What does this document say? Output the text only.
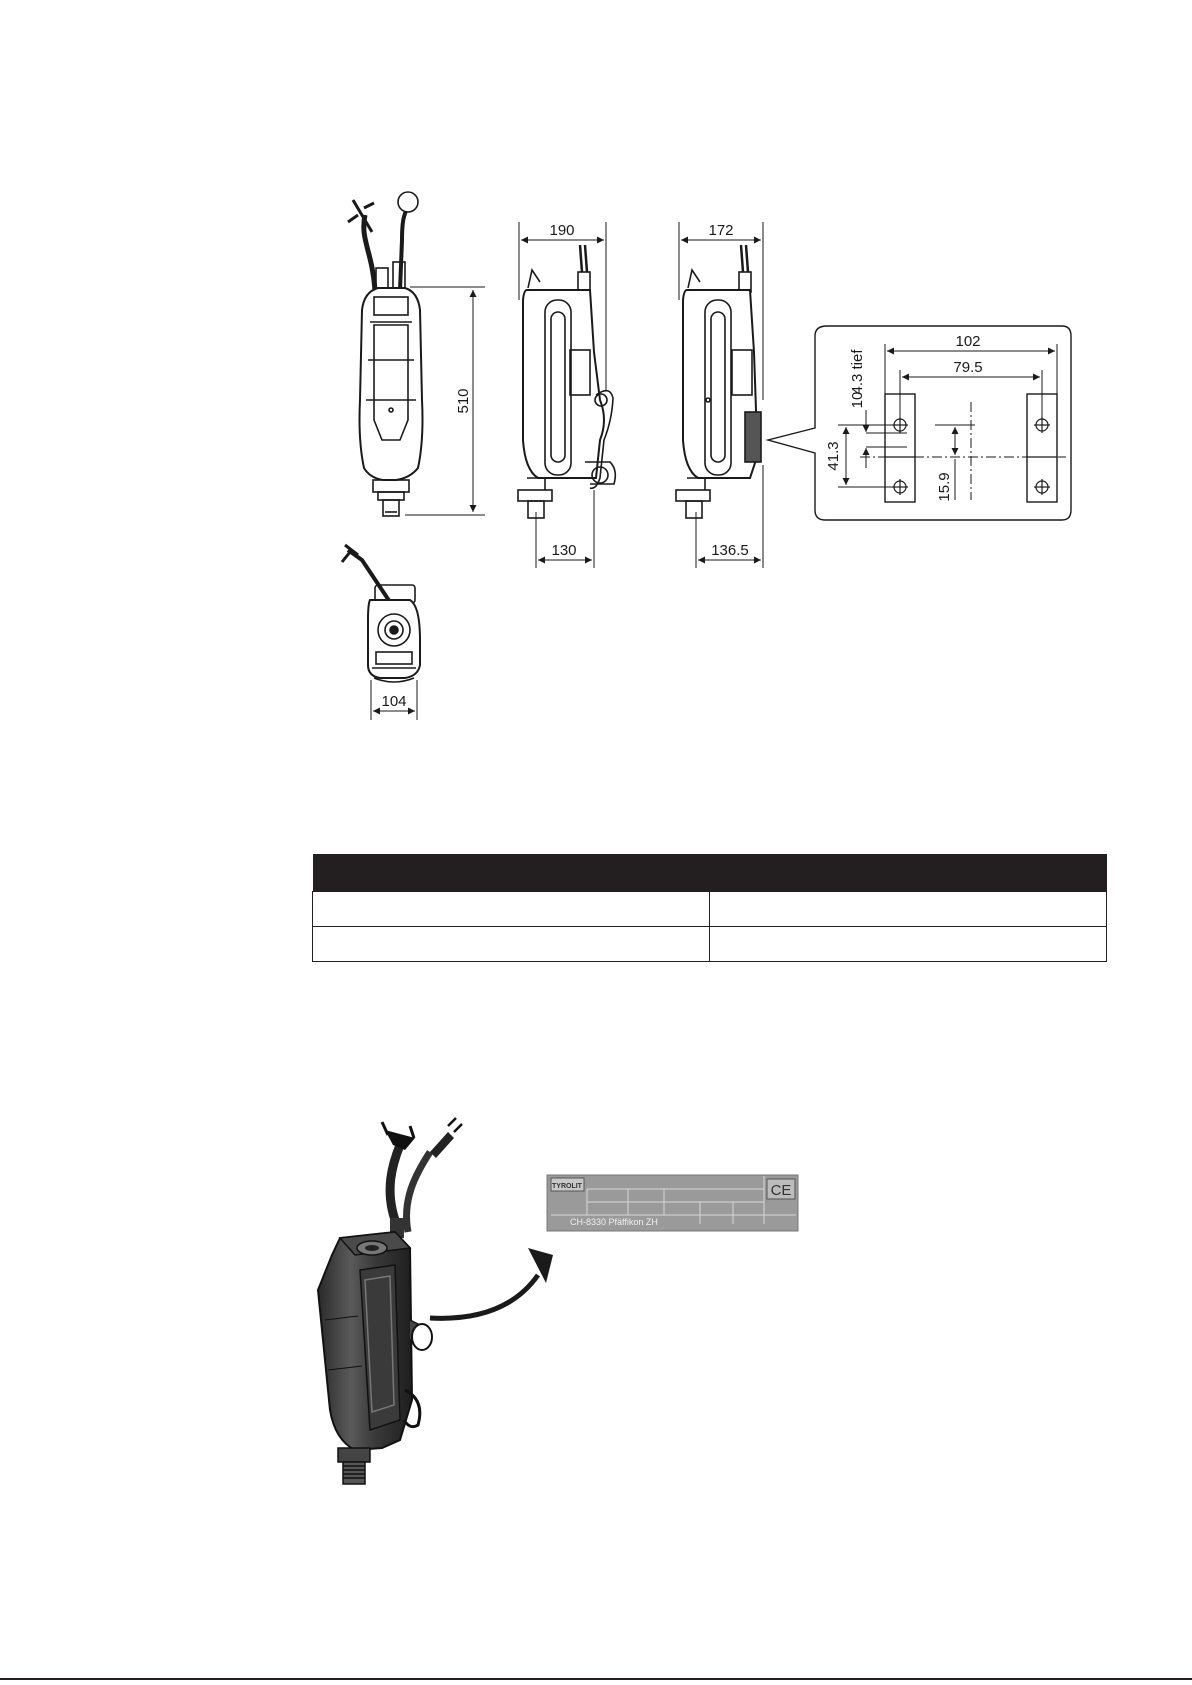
510
190
130
172
136.5
102
79.5
4.3 tief
10
41.3
15.9
104

TYROLIT	CE
CH-8330 Pfäffikon ZH
